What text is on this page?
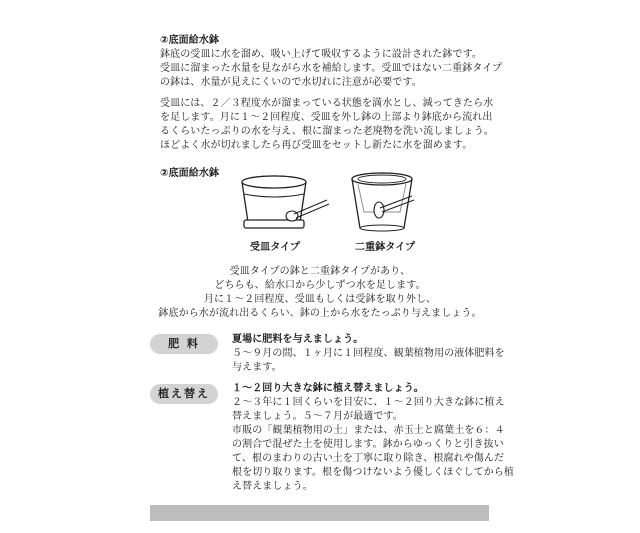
②底面給水鉢
鉢底の受皿に水を溜め、吸い上げて吸収するように設計された鉢です。
受皿に溜まった水量を見ながら水を補給します。受皿ではない二重鉢タイプ
の鉢は、水量が見えにくいので水切れに注意が必要です。
受皿には、２／３程度水が溜まっている状態を満水とし、減ってきたら水
を足します。月に１～２回程度、受皿を外し鉢の上部より鉢底から流れ出
るくらいたっぷりの水を与え、根に溜まった老廃物を洗い流しましょう。
ほどよく水が切れましたら再び受皿をセットし新たに水を溜めます。
②底面給水鉢
受皿タイプ	二重鉢タイプ
受皿タイプの鉢と二重鉢タイプがあり、
どちらも、給水口から少しずつ水を足します。
月に１～２回程度、受皿もしくは受鉢を取り外し、
鉢底から水が流れ出るくらい、鉢の上から水をたっぷり与えましょう。
肥 料	夏場に肥料を与えましょう。
５～９月の間、１ヶ月に１回程度、観葉植物用の液体肥料を
与えます。
植え替え	１～２回り大きな鉢に植え替えましょう。
２～３年に１回くらいを目安に、１～２回り大きな鉢に植え
替えましょう。５～７月が最適です。
市販の「観葉植物用の土」または、赤玉土と腐葉土を６：４
の割合で混ぜた土を使用します。鉢からゆっくりと引き抜い
て、根のまわりの古い土を丁寧に取り除き、根腐れや傷んだ
根を切り取ります。根を傷つけないよう優しくほぐしてから植
え替えましょう。
